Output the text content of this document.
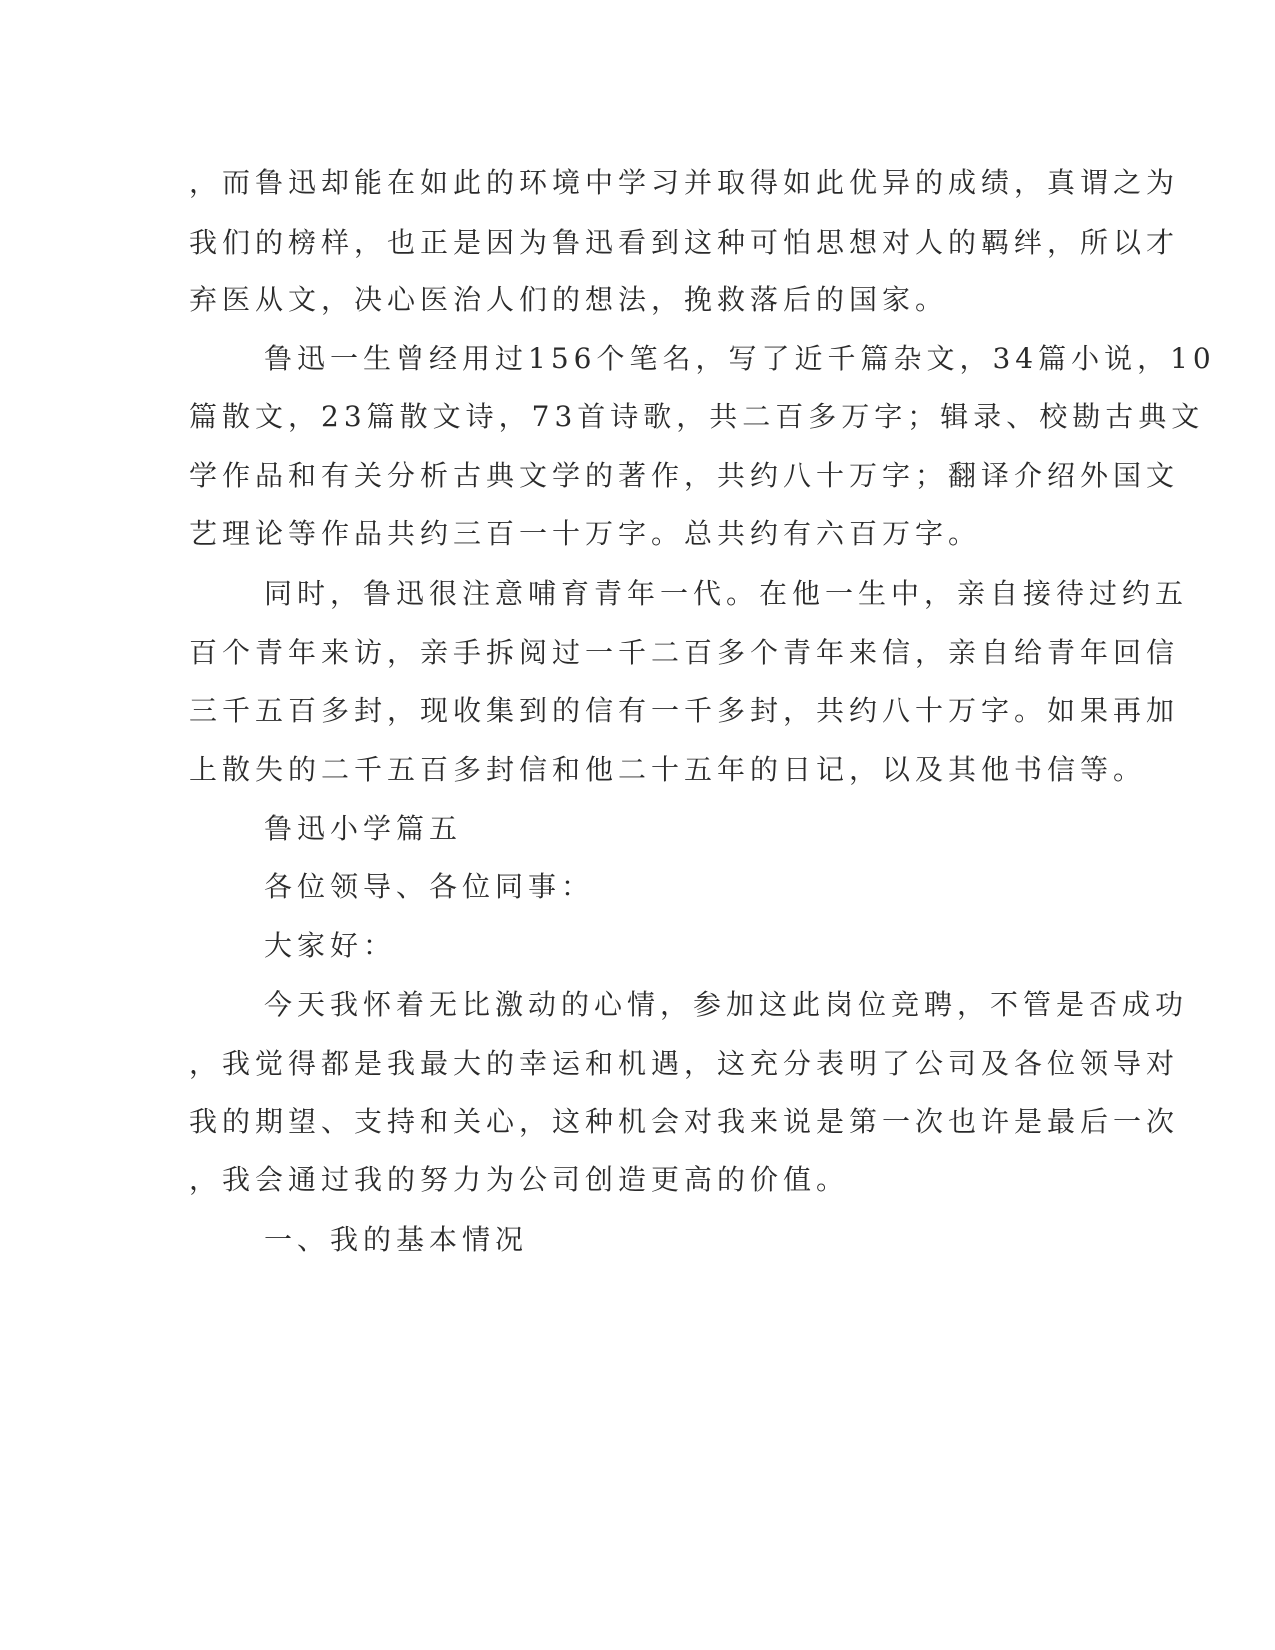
，而鲁迅却能在如此的环境中学习并取得如此优异的成绩，真谓之为
我们的榜样，也正是因为鲁迅看到这种可怕思想对人的羁绊，所以才
弃医从文，决心医治人们的想法，挽救落后的国家。
鲁迅一生曾经用过156个笔名，写了近千篇杂文，34篇小说，10
篇散文，23篇散文诗，73首诗歌，共二百多万字；辑录、校勘古典文
学作品和有关分析古典文学的著作，共约八十万字；翻译介绍外国文
艺理论等作品共约三百一十万字。总共约有六百万字。
同时，鲁迅很注意哺育青年一代。在他一生中，亲自接待过约五
百个青年来访，亲手拆阅过一千二百多个青年来信，亲自给青年回信
三千五百多封，现收集到的信有一千多封，共约八十万字。如果再加
上散失的二千五百多封信和他二十五年的日记，以及其他书信等。
鲁迅小学篇五
各位领导、各位同事：
大家好：
今天我怀着无比激动的心情，参加这此岗位竞聘，不管是否成功
，我觉得都是我最大的幸运和机遇，这充分表明了公司及各位领导对
我的期望、支持和关心，这种机会对我来说是第一次也许是最后一次
，我会通过我的努力为公司创造更高的价值。
一、我的基本情况
